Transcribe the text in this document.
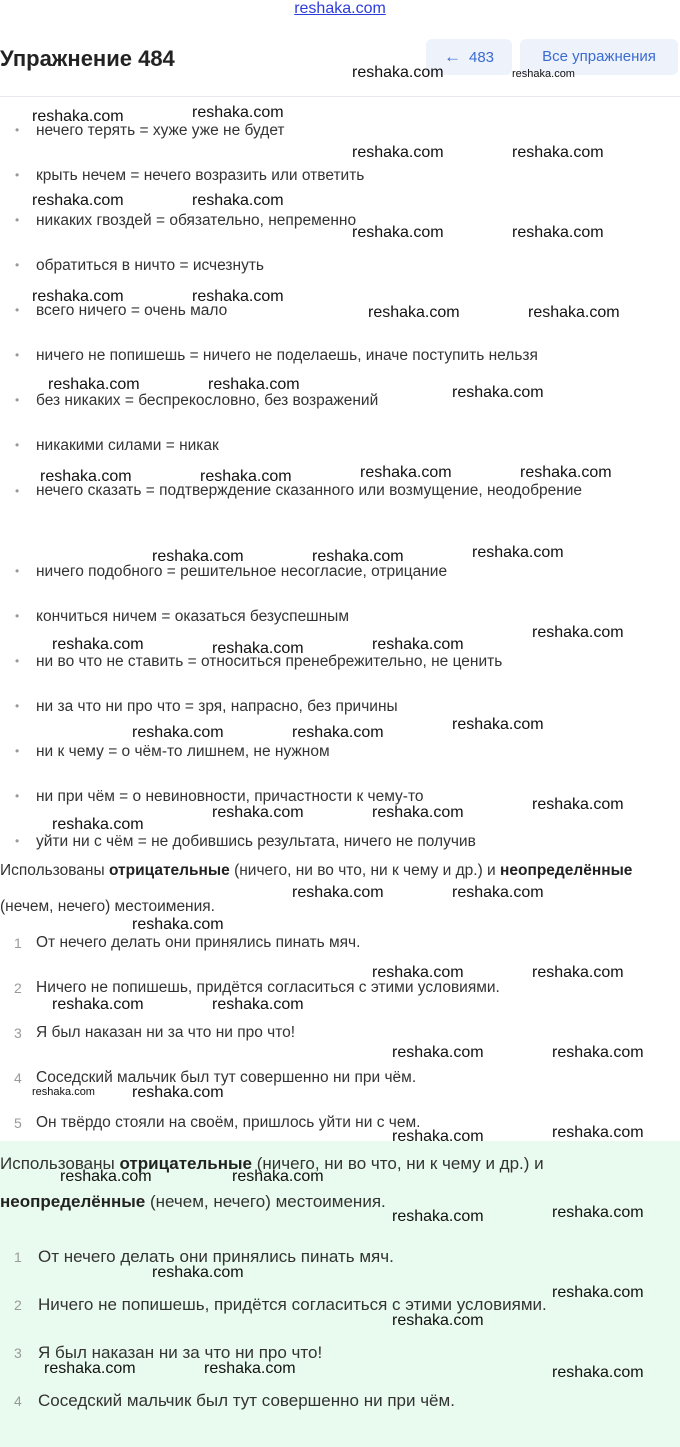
reshaka.com
Упражнение 484	← 483	Все упражнения
• нечего терять = хуже уже не будет
• крыть нечем = нечего возразить или ответить
• никаких гвоздей = обязательно, непременно
• обратиться в ничто = исчезнуть
• всего ничего = очень мало
• ничего не попишешь = ничего не поделаешь, иначе поступить нельзя
• без никаких = беспрекословно, без возражений
• никакими силами = никак
• нечего сказать = подтверждение сказанного или возмущение, неодобрение
• ничего подобного = решительное несогласие, отрицание
• кончиться ничем = оказаться безуспешным
• ни во что не ставить = относиться пренебрежительно, не ценить
• ни за что ни про что = зря, напрасно, без причины
• ни к чему = о чём-то лишнем, не нужном
• ни при чём = о невиновности, причастности к чему-то
• уйти ни с чём = не добившись результата, ничего не получив
Использованы отрицательные (ничего, ни во что, ни к чему и др.) и неопределённые (нечем, нечего) местоимения.
1 От нечего делать они принялись пинать мяч.
2 Ничего не попишешь, придётся согласиться с этими условиями.
3 Я был наказан ни за что ни про что!
4 Соседский мальчик был тут совершенно ни при чём.
5 Он твёрдо стояли на своём, пришлось уйти ни с чем.
Использованы отрицательные (ничего, ни во что, ни к чему и др.) и неопределённые (нечем, нечего) местоимения.
1 От нечего делать они принялись пинать мяч.
2 Ничего не попишешь, придётся согласиться с этими условиями.
3 Я был наказан ни за что ни про что!
4 Соседский мальчик был тут совершенно ни при чём.
reshaka.com	reshaka.com
reshaka.com	reshaka.com
reshaka.com	reshaka.com
reshaka.com	reshaka.com
reshaka.com	reshaka.com
reshaka.com	reshaka.com
reshaka.com	reshaka.com
reshaka.com	reshaka.com	reshaka.com
reshaka.com	reshaka.com	reshaka.com	reshaka.com
reshaka.com	reshaka.com	reshaka.com
reshaka.com
reshaka.com	reshaka.com	reshaka.com
reshaka.com
reshaka.com	reshaka.com
reshaka.com
reshaka.com	reshaka.com
reshaka.com
reshaka.com	reshaka.com
reshaka.com
reshaka.com	reshaka.com
reshaka.com	reshaka.com
reshaka.com	reshaka.com
reshaka.com reshaka.com
reshaka.com	reshaka.com
reshaka.com	reshaka.com
reshaka.com	reshaka.com
reshaka.com
reshaka.com
reshaka.com
reshaka.com	reshaka.com	reshaka.com
